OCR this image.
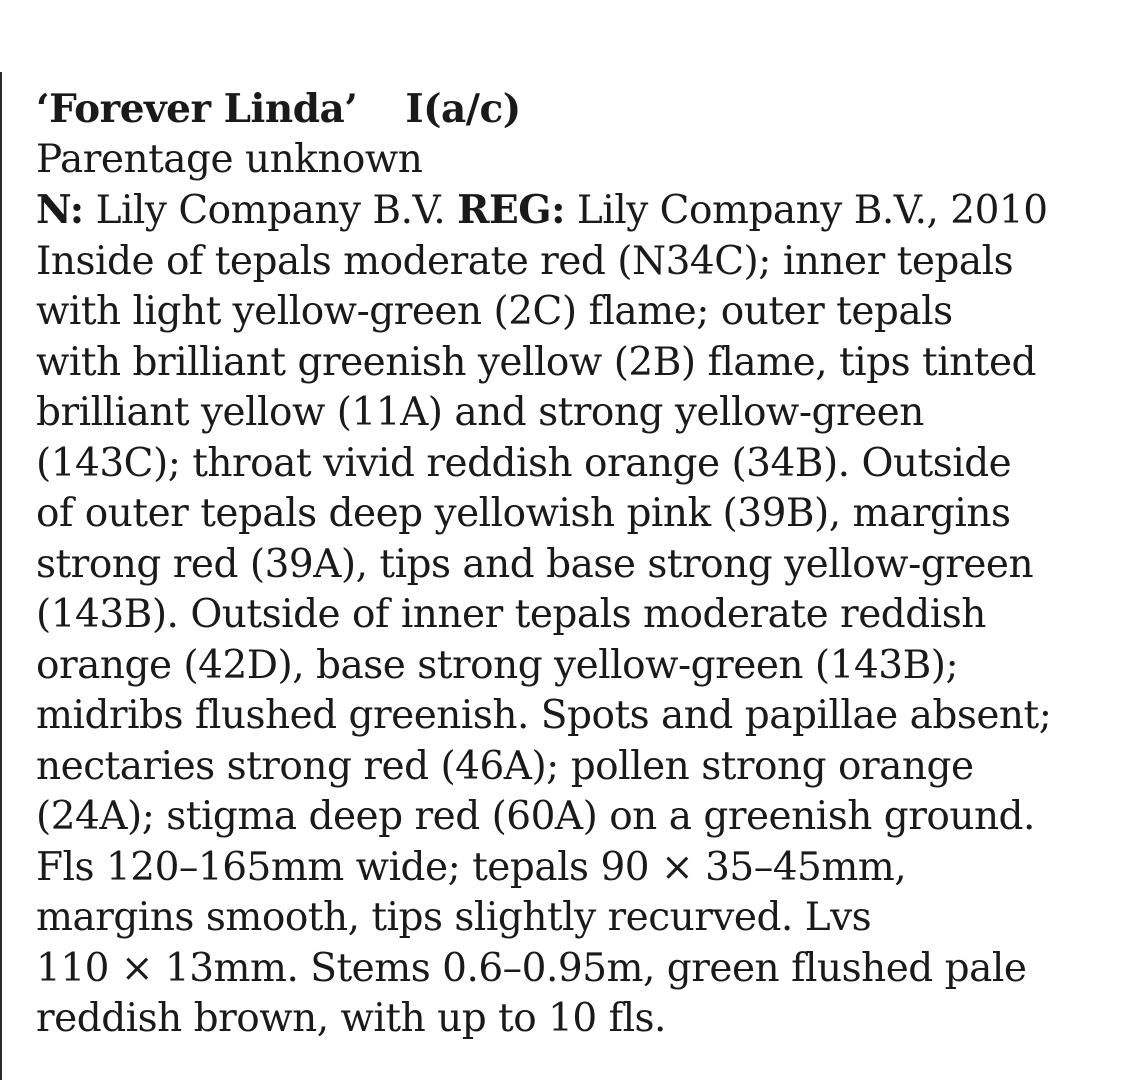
‘Forever Linda’ I(a/c)
Parentage unknown
N: Lily Company B.V. REG: Lily Company B.V., 2010
Inside of tepals moderate red (N34C); inner tepals
with light yellow-green (2C) flame; outer tepals
with brilliant greenish yellow (2B) flame, tips tinted
brilliant yellow (11A) and strong yellow-green
(143C); throat vivid reddish orange (34B). Outside
of outer tepals deep yellowish pink (39B), margins
strong red (39A), tips and base strong yellow-green
(143B). Outside of inner tepals moderate reddish
orange (42D), base strong yellow-green (143B);
midribs flushed greenish. Spots and papillae absent;
nectaries strong red (46A); pollen strong orange
(24A); stigma deep red (60A) on a greenish ground.
Fls 120–165mm wide; tepals 90 × 35–45mm,
margins smooth, tips slightly recurved. Lvs
110 × 13mm. Stems 0.6–0.95m, green flushed pale
reddish brown, with up to 10 fls.
